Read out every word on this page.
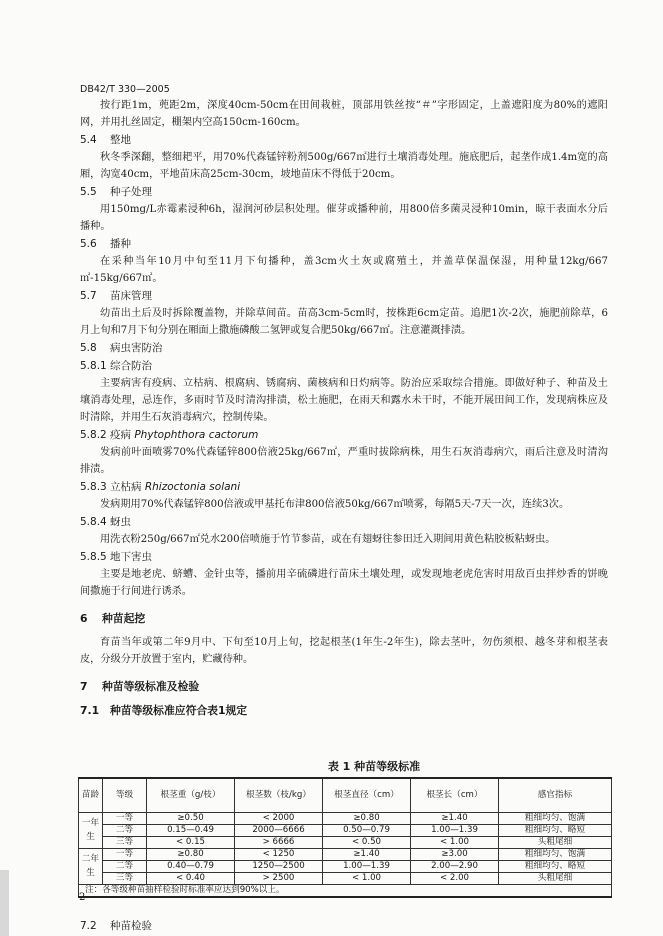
DB42/T 330—2005

按行距1m，蔸距2m，深度40cm-50cm在田间栽桩，顶部用铁丝按“＃”字形固定，上盖遮阳度为80%的遮阳网，并用扎丝固定，棚架内空高150cm-160cm。

5.4 整地

秋冬季深翻，整细耙平，用70%代森锰锌粉剂500g/667㎡进行土壤消毒处理。施底肥后，起垄作成1.4m宽的高厢，沟宽40cm，平地苗床高25cm-30cm，坡地苗床不得低于20cm。

5.5 种子处理

用150mg/L赤霉素浸种6h，湿润河砂层积处理。催芽或播种前，用800倍多菌灵浸种10min，晾干表面水分后播种。

5.6 播种

在采种当年10月中旬至11月下旬播种，盖3cm火土灰或腐殖土，并盖草保温保湿，用种量12kg/667㎡-15kg/667㎡。

5.7 苗床管理

幼苗出土后及时拆除覆盖物，并除草间苗。苗高3cm-5cm时，按株距6cm定苗。追肥1次-2次，施肥前除草，6月上旬和7月下旬分别在厢面上撒施磷酸二氢钾或复合肥50kg/667㎡。注意灌溉排渍。

5.8 病虫害防治
5.8.1 综合防治

主要病害有疫病、立枯病、根腐病、锈腐病、菌核病和日灼病等。防治应采取综合措施。即做好种子、种苗及土壤消毒处理，忌连作，多雨时节及时清沟排渍，松土施肥，在雨天和露水未干时，不能开展田间工作，发现病株应及时清除，并用生石灰消毒病穴，控制传染。

5.8.2 疫病 Phytophthora cactorum

发病前叶面喷雾70%代森锰锌800倍液25kg/667㎡，严重时拔除病株，用生石灰消毒病穴，雨后注意及时清沟排渍。

5.8.3 立枯病 Rhizoctonia solani

发病期用70%代森锰锌800倍液或甲基托布津800倍液50kg/667㎡喷雾，每隔5天-7天一次，连续3次。

5.8.4 蚜虫

用洗衣粉250g/667㎡兑水200倍喷施于竹节参苗，或在有翅蚜往参田迁入期间用黄色粘胶板粘蚜虫。

5.8.5 地下害虫

主要是地老虎、蛴螬、金针虫等，播前用辛硫磷进行苗床土壤处理，或发现地老虎危害时用敌百虫拌炒香的饼晚间撒施于行间进行诱杀。

6 种苗起挖

育苗当年或第二年9月中、下旬至10月上旬，挖起根茎(1年生-2年生)，除去茎叶，勿伤须根、越冬芽和根茎表皮，分级分开放置于室内，贮藏待种。

7 种苗等级标准及检验
7.1 种苗等级标准应符合表1规定
表 1 种苗等级标准
苗龄	等级	根茎重（g/枝）	根茎数（枝/kg）	根茎直径（cm）	根茎长（cm）	感官指标
一年生	一等	≥0.50	< 2000	≥0.80	≥1.40	粗细均匀、饱满
	二等	0.15—0.49	2000—6666	0.50—0.79	1.00—1.39	粗细均匀、略短
	三等	< 0.15	> 6666	< 0.50	< 1.00	头粗尾细
二年生	一等	≥0.80	< 1250	≥1.40	≥3.00	粗细均匀、饱满
	二等	0.40—0.79	1250—2500	1.00—1.39	2.00—2.90	粗细均匀、略短
	三等	< 0.40	> 2500	< 1.00	< 2.00	头粗尾细
注：各等级种苗抽样检验时标准率应达到90%以上。						
7.2 种苗检验
2
